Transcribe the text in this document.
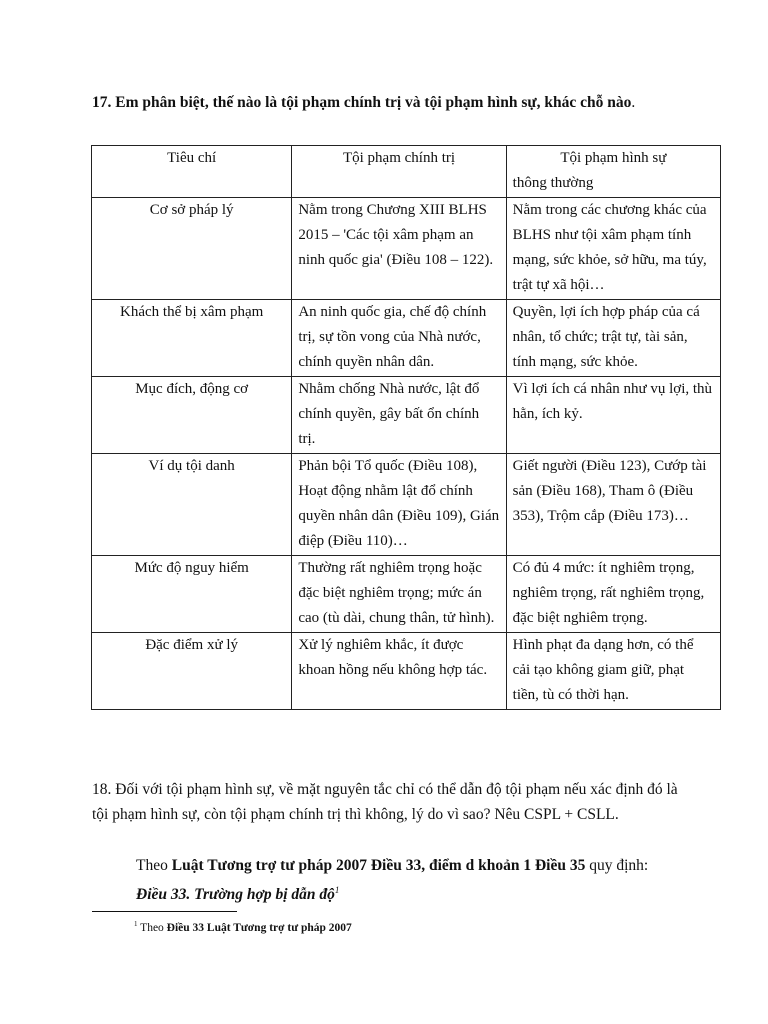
17. Em phân biệt, thế nào là tội phạm chính trị và tội phạm hình sự, khác chỗ nào.
Tiêu chí	Tội phạm chính trị	Tội phạm hình sự
thông thường

Cơ sở pháp lý	Nằm trong Chương XIII BLHS 2015 – 'Các tội xâm phạm an ninh quốc gia' (Điều 108 – 122).	Nằm trong các chương khác của BLHS như tội xâm phạm tính mạng, sức khỏe, sở hữu, ma túy, trật tự xã hội…
Khách thể bị xâm phạm	An ninh quốc gia, chế độ chính trị, sự tồn vong của Nhà nước, chính quyền nhân dân.	Quyền, lợi ích hợp pháp của cá nhân, tổ chức; trật tự, tài sản, tính mạng, sức khỏe.
Mục đích, động cơ	Nhằm chống Nhà nước, lật đổ chính quyền, gây bất ổn chính trị.	Vì lợi ích cá nhân như vụ lợi, thù hằn, ích kỷ.
Ví dụ tội danh	Phản bội Tổ quốc (Điều 108), Hoạt động nhằm lật đổ chính quyền nhân dân (Điều 109), Gián điệp (Điều 110)…	Giết người (Điều 123), Cướp tài sản (Điều 168), Tham ô (Điều 353), Trộm cắp (Điều 173)…
Mức độ nguy hiểm	Thường rất nghiêm trọng hoặc đặc biệt nghiêm trọng; mức án cao (tù dài, chung thân, tử hình).	Có đủ 4 mức: ít nghiêm trọng, nghiêm trọng, rất nghiêm trọng, đặc biệt nghiêm trọng.
Đặc điểm xử lý	Xử lý nghiêm khắc, ít được khoan hồng nếu không hợp tác.	Hình phạt đa dạng hơn, có thể cải tạo không giam giữ, phạt tiền, tù có thời hạn.
18. Đối với tội phạm hình sự, về mặt nguyên tắc chỉ có thể dẫn độ tội phạm nếu xác định đó là tội phạm hình sự, còn tội phạm chính trị thì không, lý do vì sao? Nêu CSPL + CSLL.
Theo Luật Tương trợ tư pháp 2007 Điều 33, điểm d khoản 1 Điều 35 quy định:
Điều 33. Trường hợp bị dẫn độ$^1$
$^1$ Theo Điều 33 Luật Tương trợ tư pháp 2007
